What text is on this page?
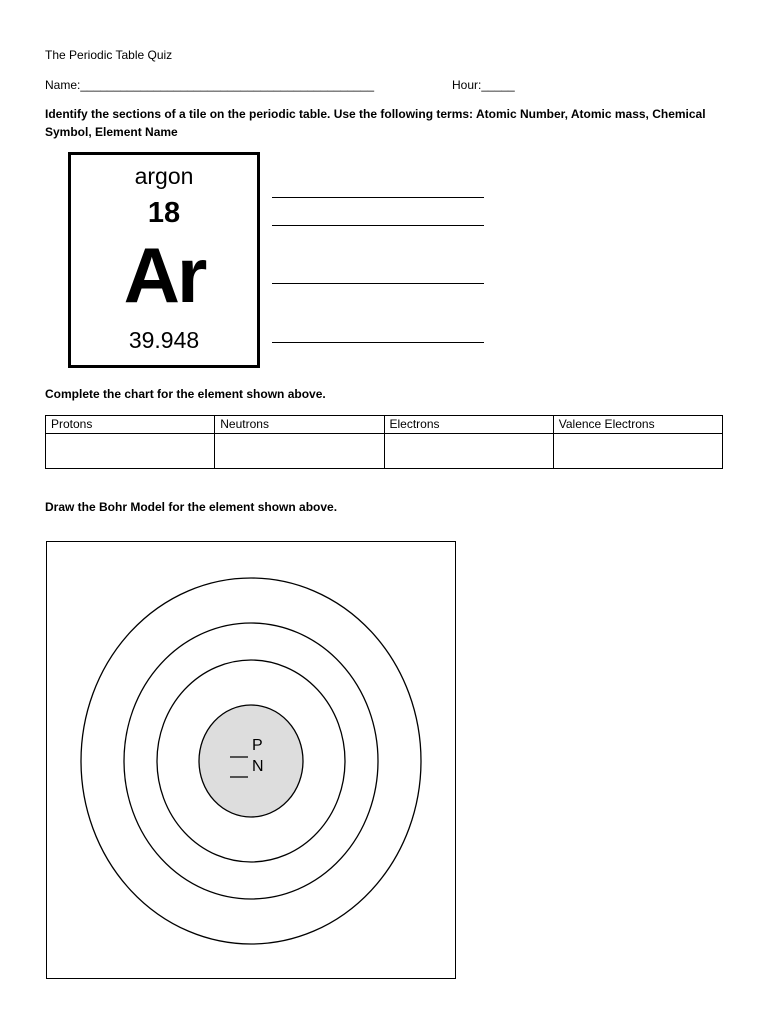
The Periodic Table Quiz
Name:____________________________________________	Hour:_____
Identify the sections of a tile on the periodic table. Use the following terms: Atomic Number, Atomic mass, Chemical Symbol, Element Name
argon
18
Ar
39.948
Complete the chart for the element shown above.
Protons	Neutrons	Electrons	Valence Electrons

Draw the Bohr Model for the element shown above.
P
N
